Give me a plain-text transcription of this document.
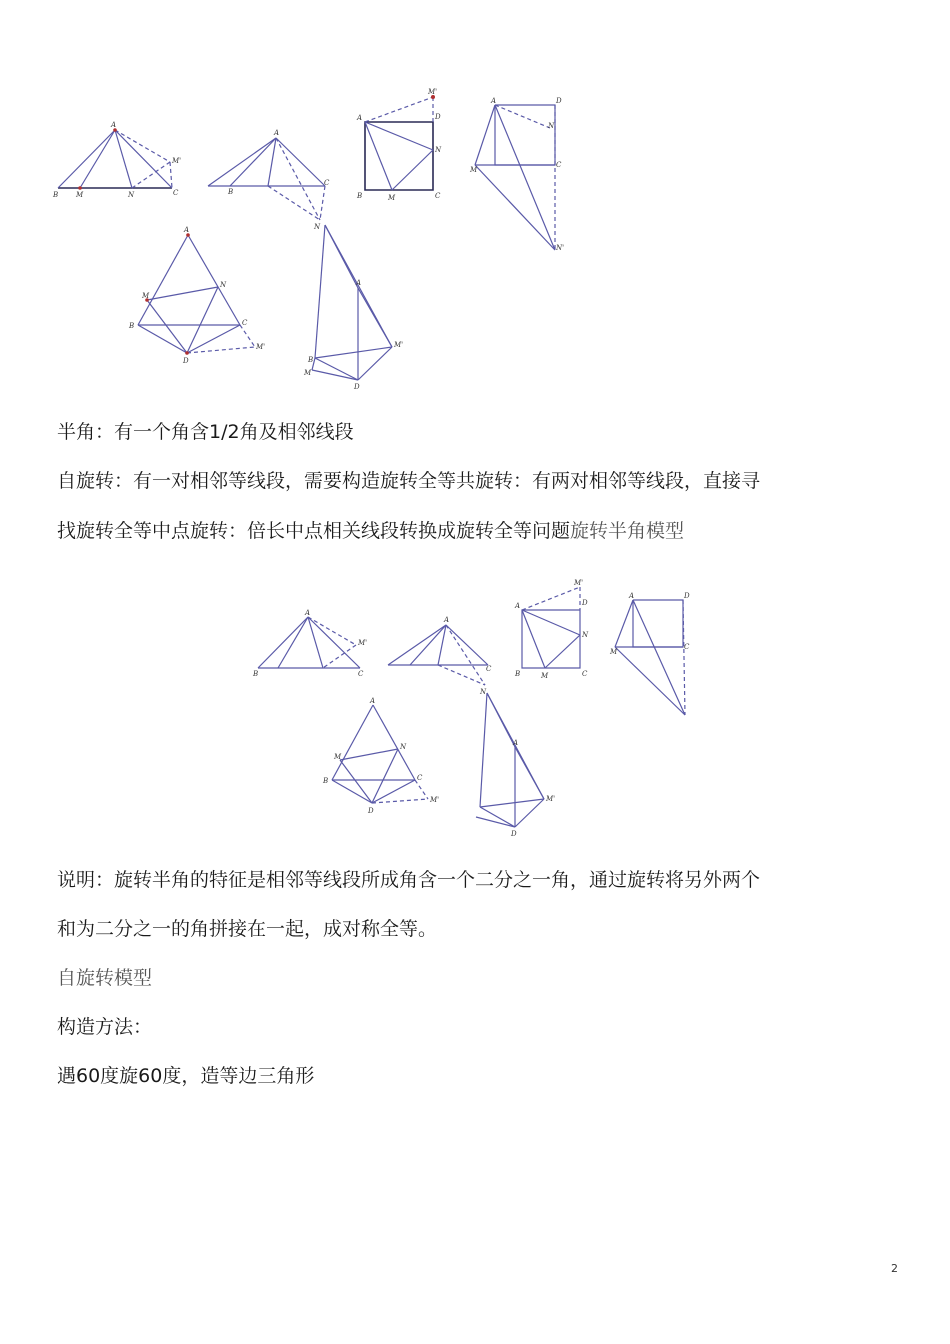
A
B	C
M	N
M'
A
B
C
N
A	D
B	C
M
N
M'
A	D
N
C
M
N'
A
M
N
B	C
D
M'
A
B
M'
D
M
半角：有一个角含1/2角及相邻线段
自旋转：有一对相邻等线段，需要构造旋转全等共旋转：有两对相邻等线段，直接寻
找旋转全等中点旋转：倍长中点相关线段转换成旋转全等问题旋转半角模型
A
B	C
M'
A
C
N
A	D
B	C
M
N
M'
A	D
C
M
A
M
N
B	C
D
M'
A
M'
D
说明：旋转半角的特征是相邻等线段所成角含一个二分之一角，通过旋转将另外两个
和为二分之一的角拼接在一起，成对称全等。
自旋转模型
构造方法：
遇60度旋60度，造等边三角形
2
